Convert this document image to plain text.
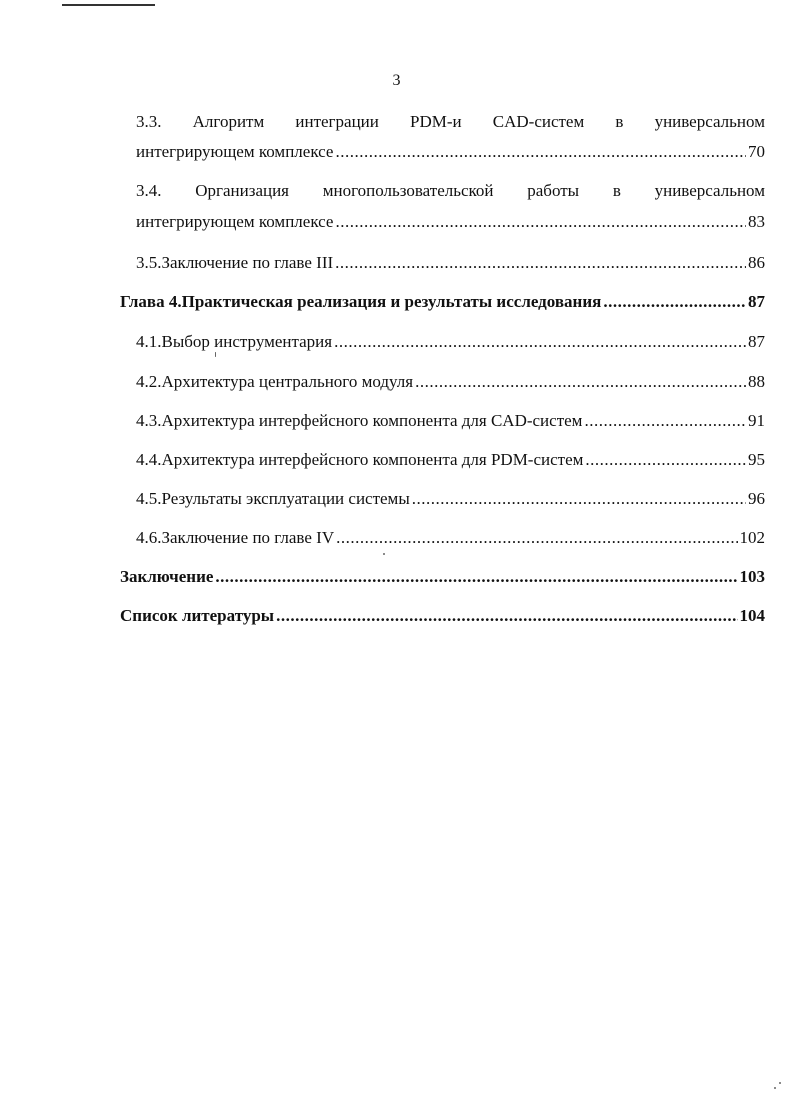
3
3.3. Алгоритм интеграции PDM-и CAD-систем в универсальном
интегрирующем комплексе .....	70
3.4. Организация многопользовательской работы в универсальном
интегрирующем комплексе .....	83
3.5. Заключение по главе III .....	86
Глава 4. Практическая реализация и результаты исследования .....	87
4.1. Выбор инструментария .....	87
4.2. Архитектура центрального модуля .....	88
4.3. Архитектура интерфейсного компонента для CAD-систем .....	91
4.4. Архитектура интерфейсного компонента для PDM-систем .....	95
4.5. Результаты эксплуатации системы .....	96
4.6. Заключение по главе IV .....	102
Заключение .....	103
Список литературы .....	104
